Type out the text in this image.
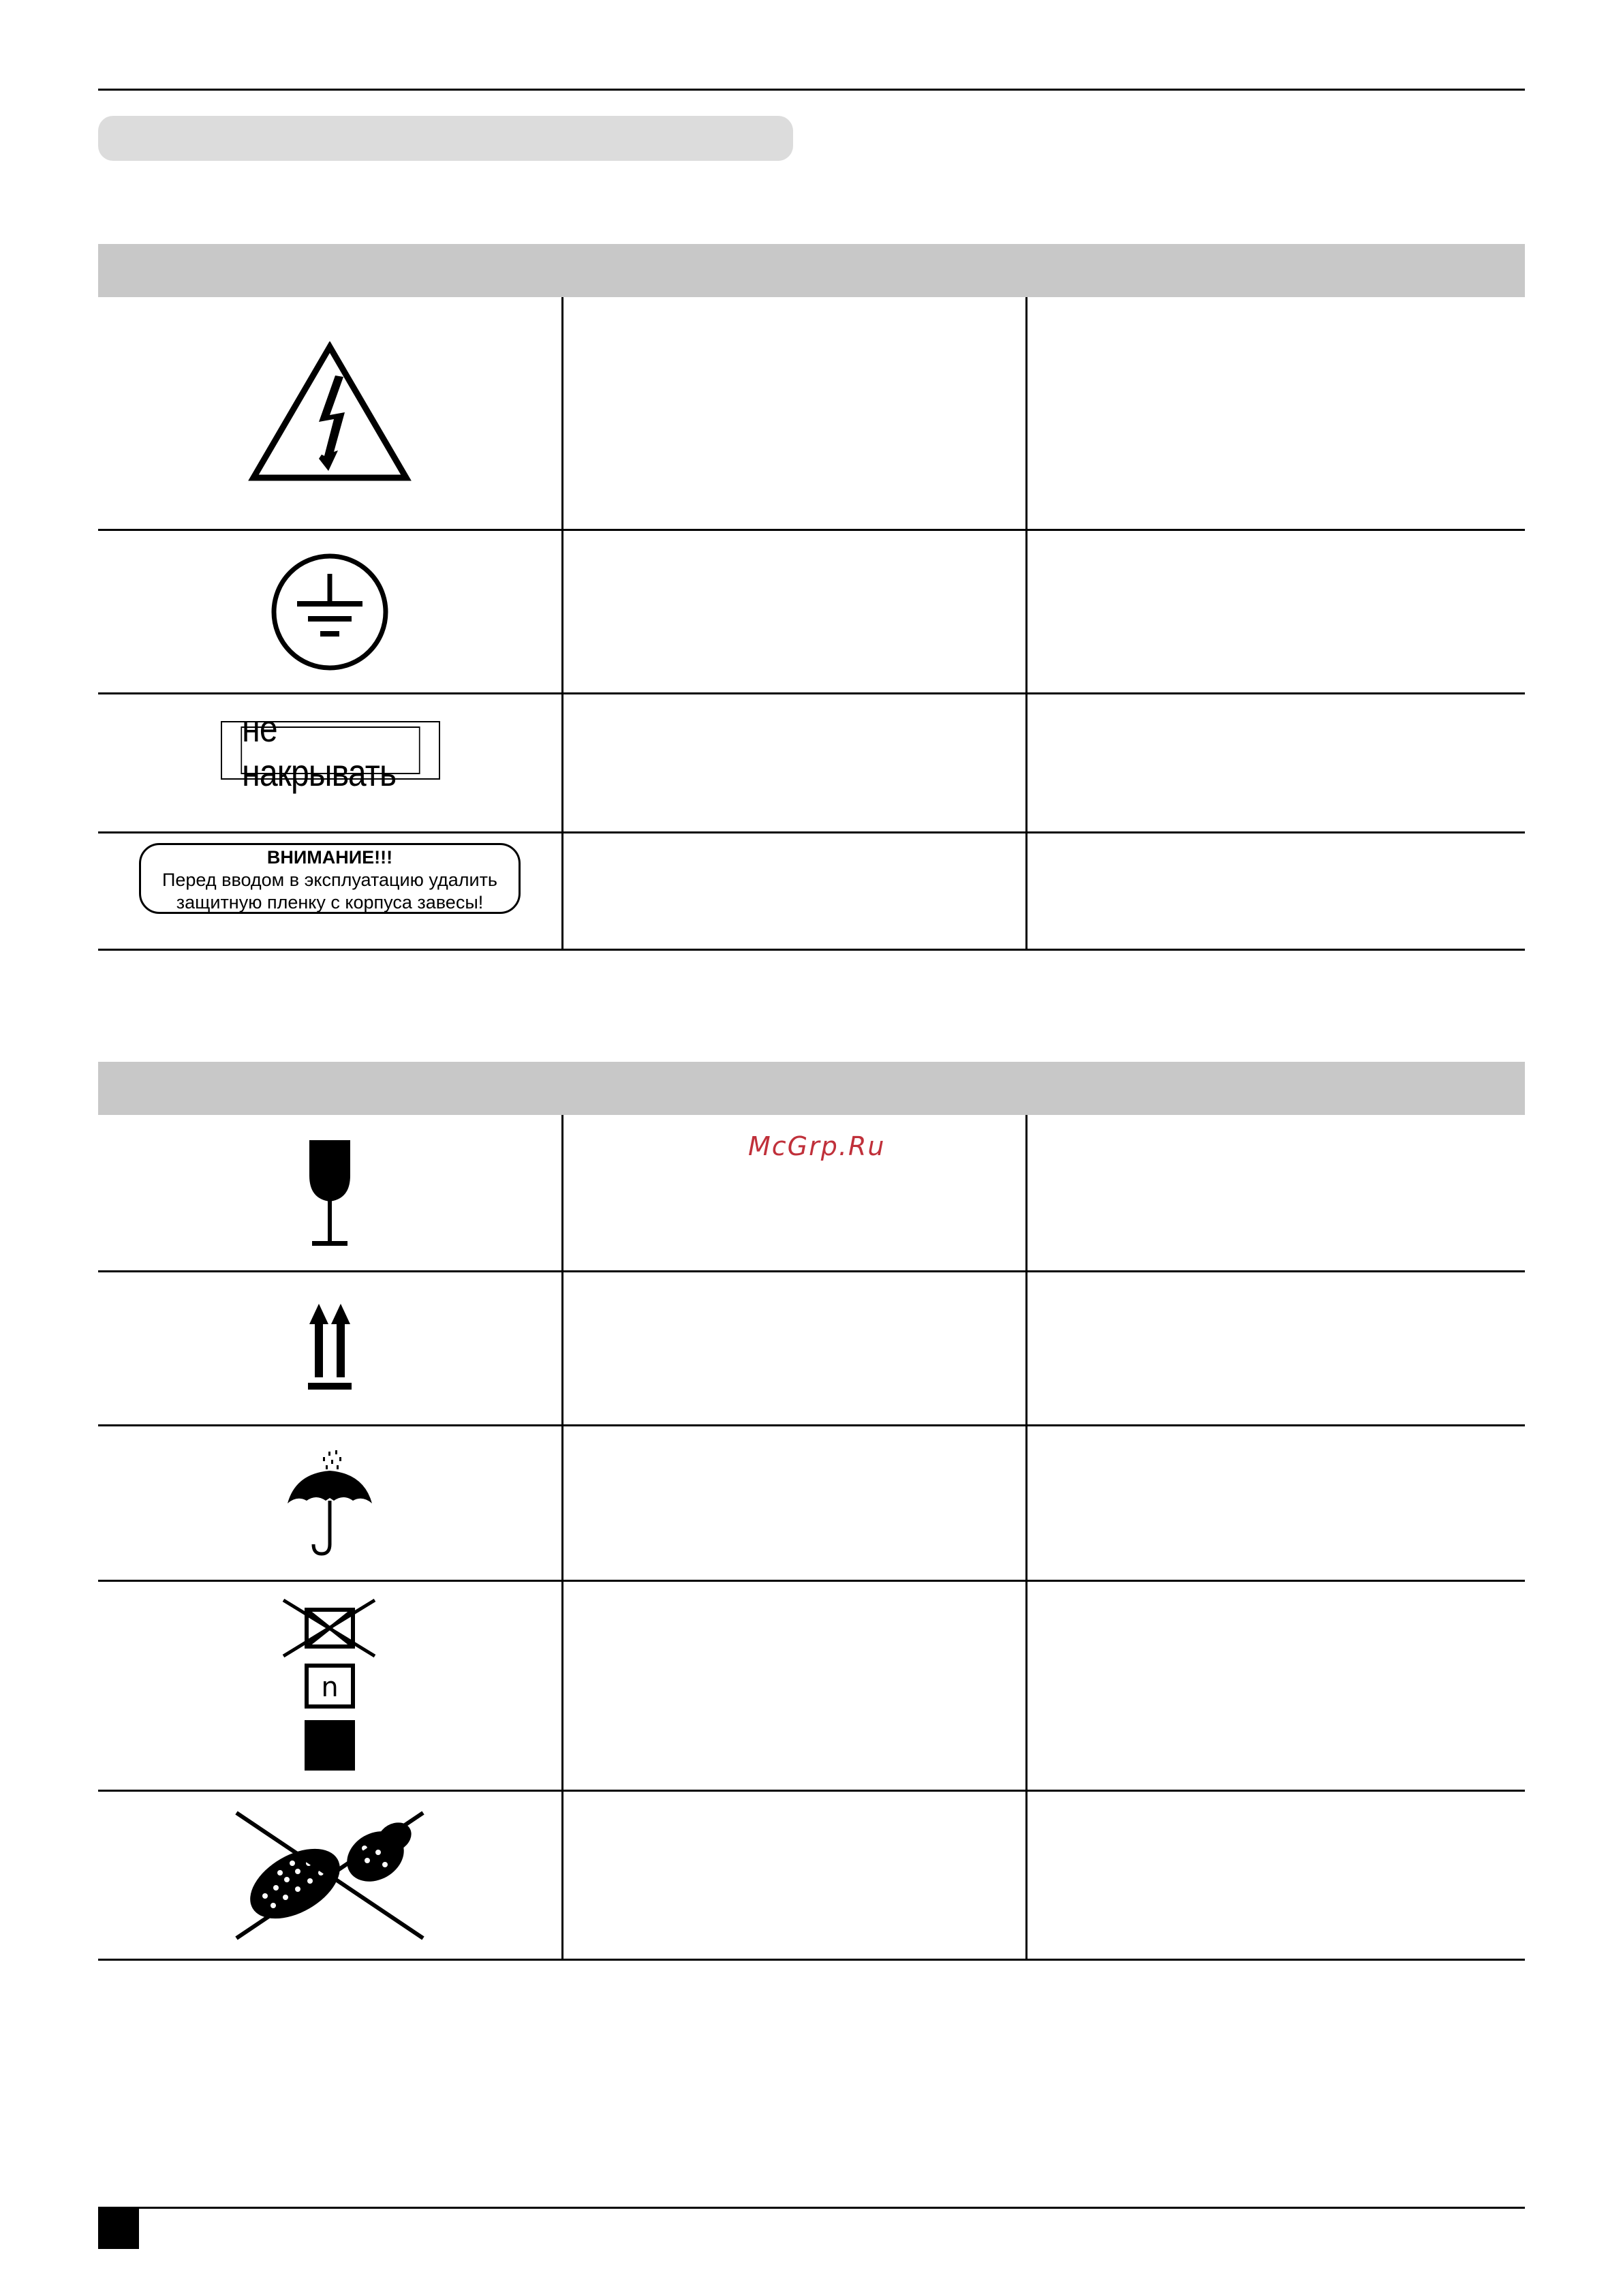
не накрывать
ВНИМАНИЕ!!!
Перед вводом в эксплуатацию удалить
защитную пленку с корпуса завесы!
n
McGrp.Ru
